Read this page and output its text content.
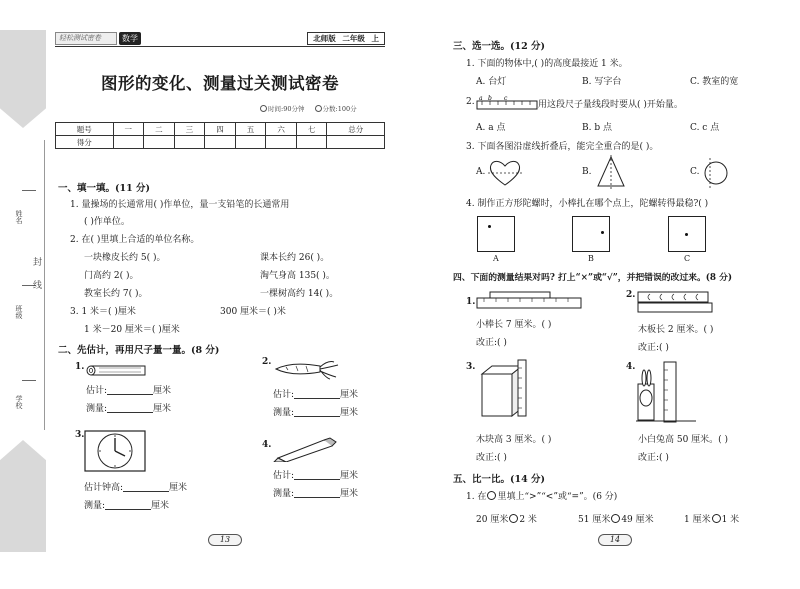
姓名
班级
学校
封
线
轻松测试密卷	数学	北师版 二年级 上
图形的变化、测量过关测试密卷
时间:90分钟	分数:100分
题号	一	二	三	四	五	六	七	总分
得分								
一、填一填。(11 分)
1. 量操场的长通常用( )作单位，量一支铅笔的长通常用
( )作单位。
2. 在( )里填上合适的单位名称。
一块橡皮长约 5( )。	课本长约 26( )。
门高约 2( )。	淘气身高 135( )。
教室长约 7( )。	一棵树高约 14( )。
3. 1 米＝( )厘米	300 厘米＝( )米
1 米－20 厘米＝( )厘米
二、先估计，再用尺子量一量。(8 分)
1.
估计:	厘米
测量:	厘米
2.
估计:	厘米
测量:	厘米
3.
估计钟高:	厘米
测量:	厘米
4.
估计:	厘米
测量:	厘米
13
三、选一选。(12 分)
1. 下面的物体中,( )的高度最接近 1 米。
A. 台灯	B. 写字台	C. 教室的宽
2. a b c
用这段尺子量线段时要从( )开始量。
A. a 点	B. b 点	C. c 点
3. 下面各图沿虚线折叠后，能完全重合的是( )。
A.	B.	C.
4. 制作正方形陀螺时，小棒扎在哪个点上，陀螺转得最稳?( )
A	B	C
四、下面的测量结果对吗? 打上“×”或“√”，并把错误的改过来。(8 分)
1.
小棒长 7 厘米。( )
改正:( )
2.
木板长 2 厘米。( )
改正:( )
3.
木块高 3 厘米。( )
改正:( )
4.
小白兔高 50 厘米。( )
改正:( )
五、比一比。(14 分)
1. 在 里填上“>”“<”或“=”。(6 分)
20 厘米 2 米	51 厘米 49 厘米	1 厘米 1 米
14
